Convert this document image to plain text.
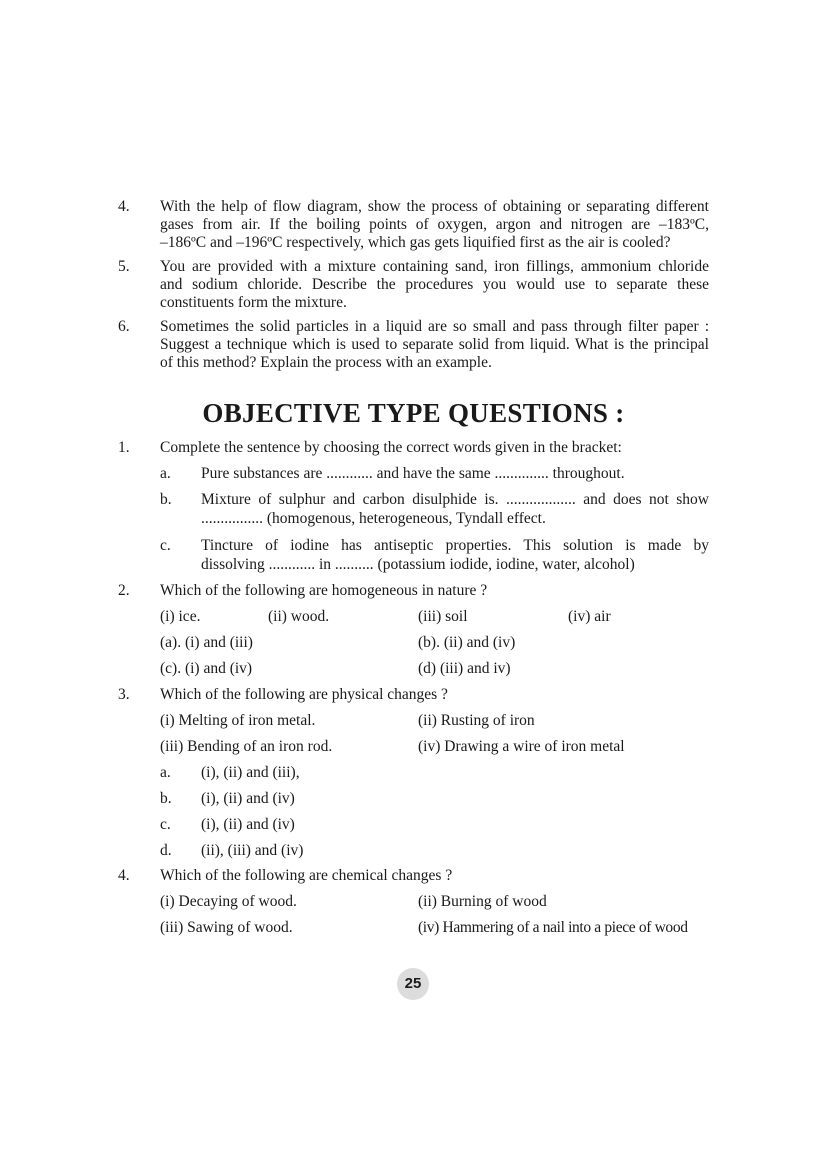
4. With the help of flow diagram, show the process of obtaining or separating different
gases from air. If the boiling points of oxygen, argon and nitrogen are –183ºC,
–186ºC and –196ºC respectively, which gas gets liquified first as the air is cooled?
5. You are provided with a mixture containing sand, iron fillings, ammonium chloride
and sodium chloride. Describe the procedures you would use to separate these
constituents form the mixture.
6. Sometimes the solid particles in a liquid are so small and pass through filter paper :
Suggest a technique which is used to separate solid from liquid. What is the principal
of this method? Explain the process with an example.
OBJECTIVE TYPE QUESTIONS :
1. Complete the sentence by choosing the correct words given in the bracket:
a. Pure substances are ............ and have the same .............. throughout.
b. Mixture of sulphur and carbon disulphide is. .................. and does not show
................ (homogenous, heterogeneous, Tyndall effect.
c. Tincture of iodine has antiseptic properties. This solution is made by
dissolving ............ in .......... (potassium iodide, iodine, water, alcohol)
2. Which of the following are homogeneous in nature ?
(i) ice.	(ii) wood.	(iii) soil	(iv) air
(a). (i) and (iii)	(b). (ii) and (iv)
(c). (i) and (iv)	(d) (iii) and iv)
3. Which of the following are physical changes ?
(i) Melting of iron metal.	(ii) Rusting of iron
(iii) Bending of an iron rod.	(iv) Drawing a wire of iron metal
a. (i), (ii) and (iii),
b. (i), (ii) and (iv)
c. (i), (ii) and (iv)
d. (ii), (iii) and (iv)
4. Which of the following are chemical changes ?
(i) Decaying of wood.	(ii) Burning of wood
(iii) Sawing of wood.	(iv) Hammering of a nail into a piece of wood
25
